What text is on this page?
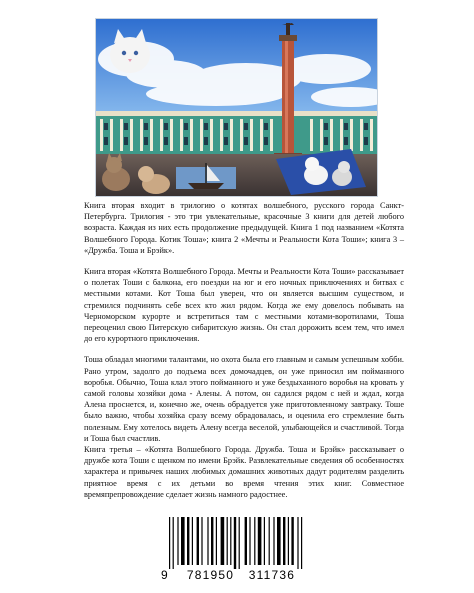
Книга вторая входит в трилогию о котятах волшебного, русского города Санкт-Петербурга. Трилогия - это три увлекательные, красочные 3 книги для детей любого возраста. Каждая из них есть продолжение предыдущей. Книга 1 под названием «Котята Волшебного Города. Котик Тоша»; книга 2 «Мечты и Реальности Кота Тоши»; книга 3 – «Дружба. Тоша и Брэйк».

Книга вторая «Котята Волшебного Города. Мечты и Реальности Кота Тоши» рассказывает о полетах Тоши с балкона, его поездки на юг и его ночных приключениях и битвах с местными котами. Кот Тоша был уверен, что он является высшим существом, и стремился подчинять себе всех кто жил рядом. Когда же ему довелось побывать на Черноморском курорте и встретиться там с местными котами-воротилами, Тоша переоценил свою Питерскую сибаритскую жизнь. Он стал дорожить всем тем, что имел до его курортного приключения.

Тоша обладал многими талантами, но охота была его главным и самым успешным хобби. Рано утром, задолго до подъема всех домочадцев, он уже приносил им пойманного воробья. Обычно, Тоша клал этого пойманного и уже бездыханного воробья на кровать у самой головы хозяйки дома - Алены. А потом, он садился рядом с ней и ждал, когда Алена проснется, и, конечно же, очень обрадуется уже приготовленному завтраку. Тоше было важно, чтобы хозяйка сразу всему обрадовалась, и оценила его стремление быть полезным. Ему хотелось видеть Алену всегда веселой, улыбающейся и счастливой. Тогда и Тоша был счастлив.

Книга третья – «Котята Волшебного Города. Дружба. Тоша и Брэйк» рассказывает о дружбе кота Тоши с щенком по имени Брэйк. Развлекательные сведения об особенностях характера и привычек наших любимых домашних животных дадут родителям разделить приятное время с их детьми во время чтения этих книг. Совместное времяпрепровождение сделает жизнь намного радостнее.

9 781950 311736
